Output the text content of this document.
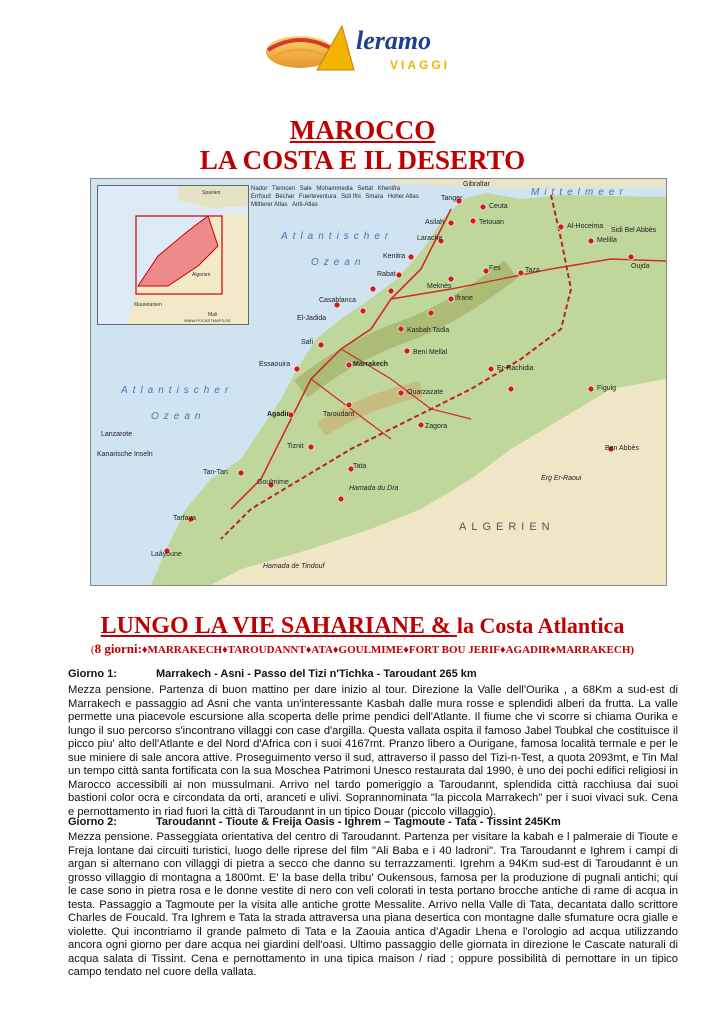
leramo
VIAGGI
MAROCCO
LA COSTA E IL DESERTO
Spanien
Algerien
Mauretanien
Mali
WWW.POCKETMAPS.DE
Mittelmeer
Atlantischer
Ozean
Atlantischer
Ozean
ALGERIEN
Hamada du Dra
Hamada de Tindouf
Erg Er-Raoui
Tanger
Ceuta
Tetouan
Asilah
Larache
Al-Hoceima
Melilla
Oujda
Sidi Bel Abbès
Kenitra
Rabat
Meknès
Fes	Taza
Casablanca
El-Jadida
Ifrane
Safi
Kasbah Tadla
Beni Mellal
Essaouira	Marrakech
Ouarzazate
Agadir	Taroudant
Tiznit
Zagora
Er-Rachidia
Figuig
Tan-Tan
Tarfaya
Laâyoune
Lanzarote
Kanarische Inseln
Goulmime
Tata
Ben Abbès
Gibraltar
Nador Tlemcen Sale Mohammedia Settat Khenifra Errfoud Béchar Fuerteventura Sidi Ifni Smara Hoher Atlas Mittlerer Atlas Anti-Atlas
LUNGO LA VIE SAHARIANE & la Costa Atlantica
(8 giorni:♦MARRAKECH♦TAROUDANNT♦ATA♦GOULMIME♦FORT BOU JERIF♦AGADIR♦MARRAKECH)
Giorno 1:	Marrakech - Asni - Passo del Tizi n'Tichka - Taroudant 265 km

Mezza pensione. Partenza di buon mattino per dare inizio al tour. Direzione la Valle dell'Ourika , a 68Km a sud-est di Marrakech e passaggio ad Asni che vanta un'interessante Kasbah dalle mura rosse e splendidi alberi da frutta. La valle permette una piacevole escursione alla scoperta delle prime pendici dell'Atlante. Il fiume che vi scorre si chiama Ourika e lungo il suo percorso s'incontrano villaggi con case d'argilla. Questa vallata ospita il famoso Jabel Toubkal che costituisce il picco piu' alto dell'Atlante e del Nord d'Africa con i suoi 4167mt. Pranzo libero a Ourigane, famosa località termale e per le sue miniere di sale ancora attive. Proseguimento verso il sud, attraverso il passo del Tizi-n-Test, a quota 2093mt, e Tin Mal un tempo città santa fortificata con la sua Moschea Patrimoni Unesco restaurata dal 1990, è uno dei pochi edifici religiosi in Marocco accessibili ai non mussulmani. Arrivo nel tardo pomeriggio a Taroudannt, splendida città racchiusa dai suoi bastioni color ocra e circondata da orti, aranceti e ulivi. Soprannominata "la piccola Marrakech" per i suoi vivaci suk. Cena e pernottamento in riad fuori la città di Taroudannt in un tipico Douar (piccolo villaggio).

Giorno 2:	Taroudannt - Tioute & Freija Oasis - Ighrem – Tagmoute - Tata - Tissint 245Km

Mezza pensione. Passeggiata orientativa del centro di Taroudannt. Partenza per visitare la kabah e l palmeraie di Tioute e Freja lontane dai circuiti turistici, luogo delle riprese del film "Ali Baba e i 40 ladroni". Tra Taroudannt e Ighrem i campi di argan si alternano con villaggi di pietra a secco che danno su terrazzamenti. Igrehm a 94Km sud-est di Taroudannt è un grosso villaggio di montagna a 1800mt. E' la base della tribu' Oukensous, famosa per la produzione di pugnali antichi; qui le case sono in pietra rosa e le donne vestite di nero con veli colorati in testa portano brocche antiche di rame di acqua in testa. Passaggio a Tagmoute per la visita alle antiche grotte Messalite. Arrivo nella Valle di Tata, decantata dallo scrittore Charles de Foucald. Tra Ighrem e Tata la strada attraversa una piana desertica con montagne dalle sfumature ocra gialle e violette. Qui incontriamo il grande palmeto di Tata e la Zaouia antica d'Agadir Lhena e l'orologio ad acqua utilizzando ancora ogni giorno per dare acqua nei giardini dell'oasi. Ultimo passaggio delle giornata in direzione le Cascate naturali di acqua salata di Tissint. Cena e pernottamento in una tipica maison / riad ; oppure possibilità di pernottare in un tipico campo tendato nel cuore della vallata.
